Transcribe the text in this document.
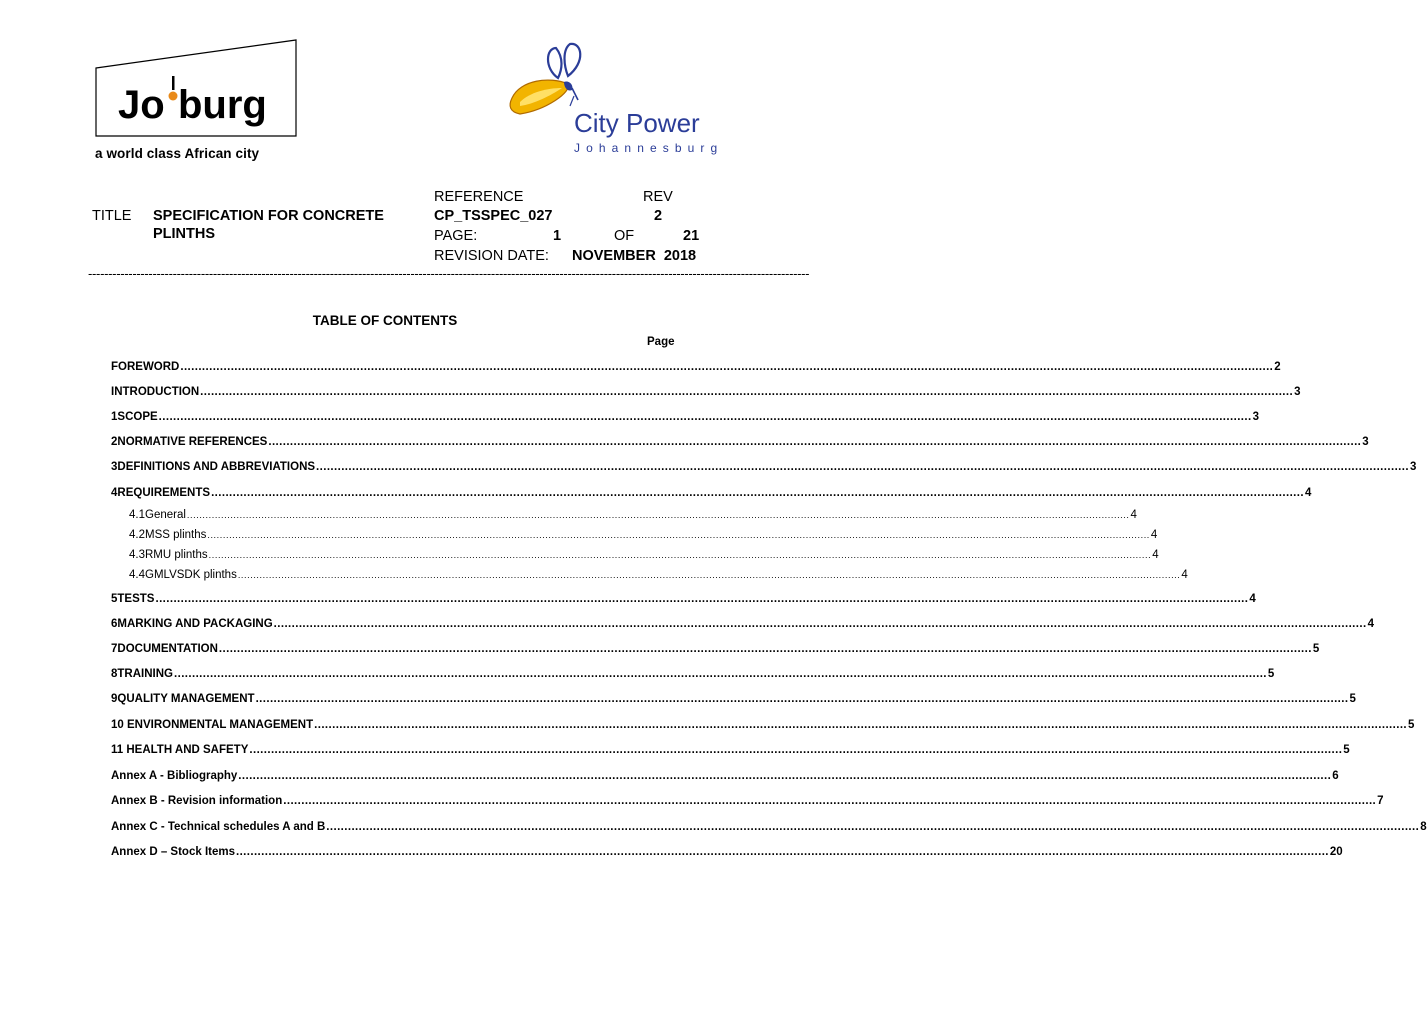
Jo burg
a world class African city
City Power
Johannesburg
TITLE SPECIFICATION FOR CONCRETE
PLINTHS
REFERENCE	REV
CP_TSSPEC_027	2
PAGE:	1	OF	21
REVISION DATE: NOVEMBER  2018
-----------------------------------------------------------------------------------------------------------------------------------------------------------------------------------
TABLE OF CONTENTS
Page
FOREWORD .....	2
INTRODUCTION .....	3
1 SCOPE .....	3
2 NORMATIVE REFERENCES .....	3
3 DEFINITIONS AND ABBREVIATIONS .....	3
4 REQUIREMENTS .....	4
4.1 General .....	4
4.2 MSS plinths .....	4
4.3 RMU plinths .....	4
4.4 GMLVSDK plinths .....	4
5 TESTS .....	4
6 MARKING AND PACKAGING .....	4
7 DOCUMENTATION .....	5
8 TRAINING .....	5
9 QUALITY MANAGEMENT .....	5
10 ENVIRONMENTAL MANAGEMENT .....	5
11 HEALTH AND SAFETY .....	5
Annex A - Bibliography .....	6
Annex B - Revision information .....	7
Annex C - Technical schedules A and B .....	8
Annex D – Stock Items .....	20
